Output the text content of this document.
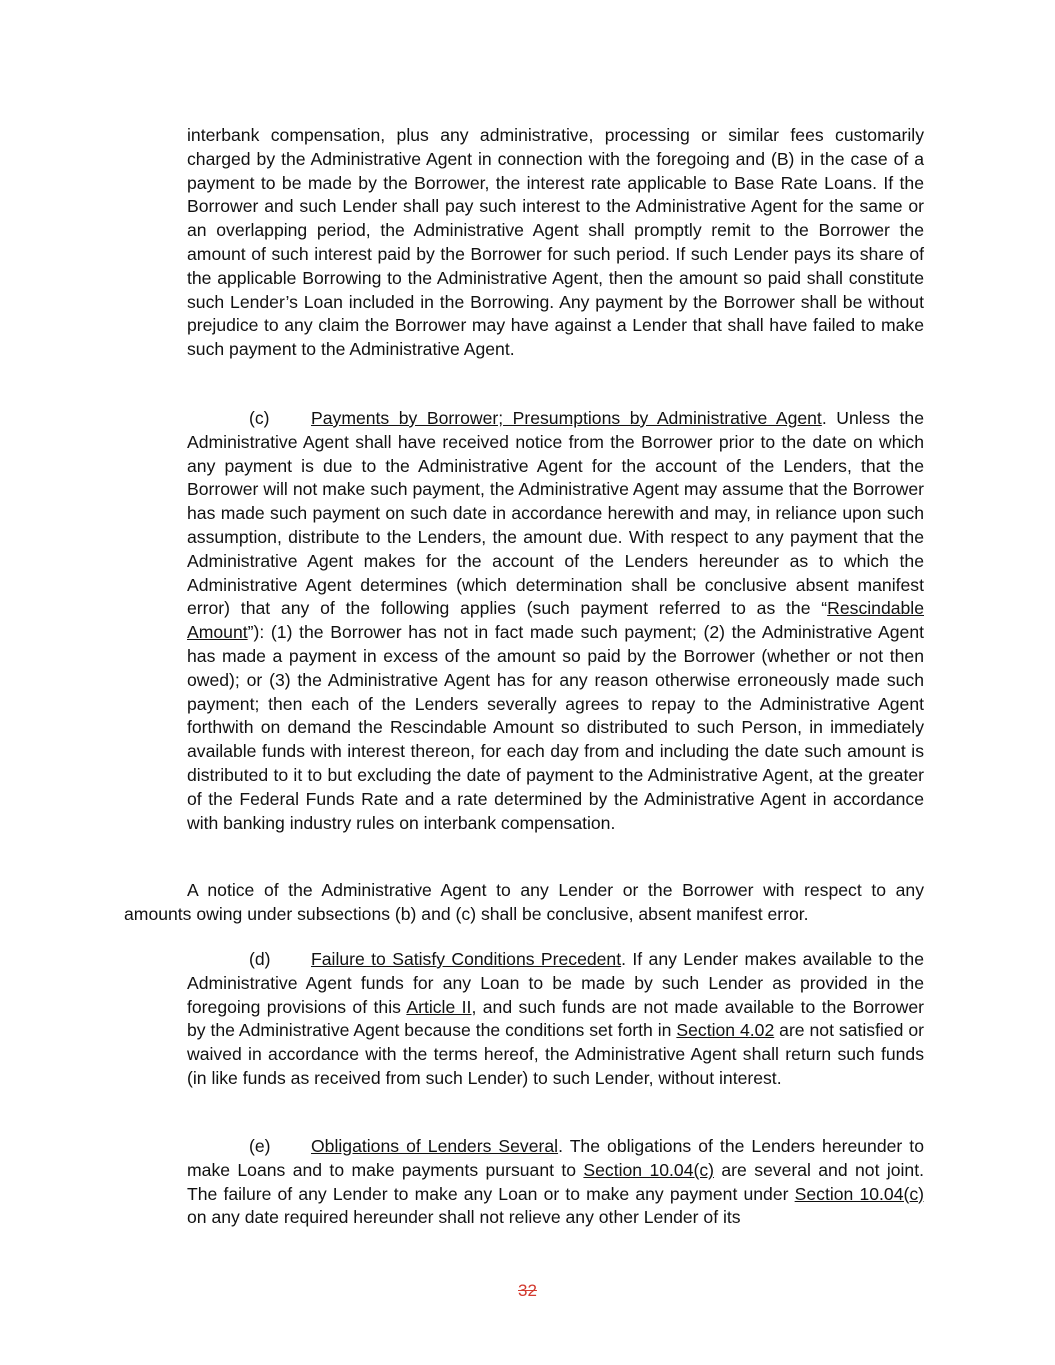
interbank compensation, plus any administrative, processing or similar fees customarily charged by the Administrative Agent in connection with the foregoing and (B) in the case of a payment to be made by the Borrower, the interest rate applicable to Base Rate Loans. If the Borrower and such Lender shall pay such interest to the Administrative Agent for the same or an overlapping period, the Administrative Agent shall promptly remit to the Borrower the amount of such interest paid by the Borrower for such period. If such Lender pays its share of the applicable Borrowing to the Administrative Agent, then the amount so paid shall constitute such Lender’s Loan included in the Borrowing. Any payment by the Borrower shall be without prejudice to any claim the Borrower may have against a Lender that shall have failed to make such payment to the Administrative Agent.

(c) Payments by Borrower; Presumptions by Administrative Agent. Unless the Administrative Agent shall have received notice from the Borrower prior to the date on which any payment is due to the Administrative Agent for the account of the Lenders, that the Borrower will not make such payment, the Administrative Agent may assume that the Borrower has made such payment on such date in accordance herewith and may, in reliance upon such assumption, distribute to the Lenders, the amount due. With respect to any payment that the Administrative Agent makes for the account of the Lenders hereunder as to which the Administrative Agent determines (which determination shall be conclusive absent manifest error) that any of the following applies (such payment referred to as the “Rescindable Amount”): (1) the Borrower has not in fact made such payment; (2) the Administrative Agent has made a payment in excess of the amount so paid by the Borrower (whether or not then owed); or (3) the Administrative Agent has for any reason otherwise erroneously made such payment; then each of the Lenders severally agrees to repay to the Administrative Agent forthwith on demand the Rescindable Amount so distributed to such Person, in immediately available funds with interest thereon, for each day from and including the date such amount is distributed to it to but excluding the date of payment to the Administrative Agent, at the greater of the Federal Funds Rate and a rate determined by the Administrative Agent in accordance with banking industry rules on interbank compensation.

A notice of the Administrative Agent to any Lender or the Borrower with respect to any amounts owing under subsections (b) and (c) shall be conclusive, absent manifest error.

(d) Failure to Satisfy Conditions Precedent. If any Lender makes available to the Administrative Agent funds for any Loan to be made by such Lender as provided in the foregoing provisions of this Article II, and such funds are not made available to the Borrower by the Administrative Agent because the conditions set forth in Section 4.02 are not satisfied or waived in accordance with the terms hereof, the Administrative Agent shall return such funds (in like funds as received from such Lender) to such Lender, without interest.

(e) Obligations of Lenders Several. The obligations of the Lenders hereunder to make Loans and to make payments pursuant to Section 10.04(c) are several and not joint. The failure of any Lender to make any Loan or to make any payment under Section 10.04(c) on any date required hereunder shall not relieve any other Lender of its

32
